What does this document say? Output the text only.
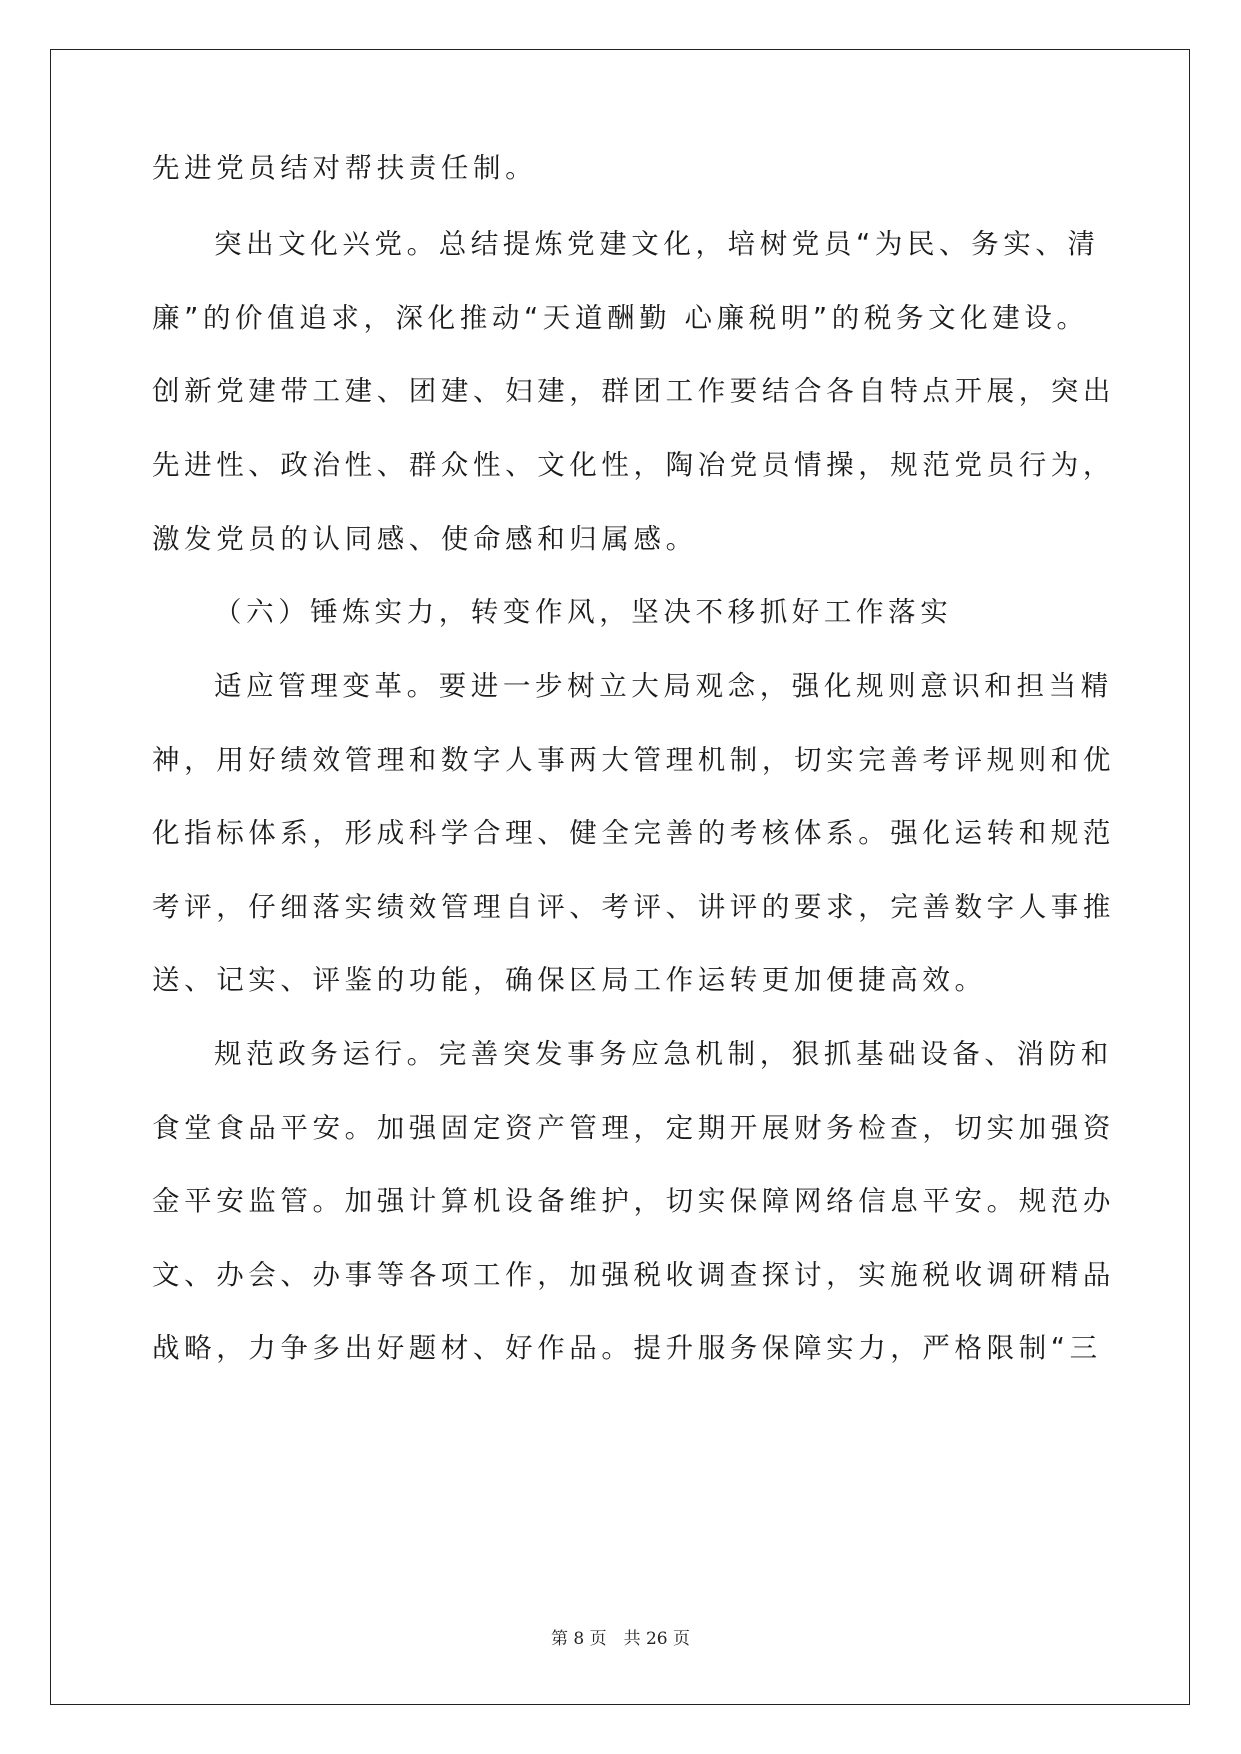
先进党员结对帮扶责任制。
突出文化兴党。总结提炼党建文化，培树党员“为民、务实、清
廉”的价值追求，深化推动“天道酬勤 心廉税明”的税务文化建设。
创新党建带工建、团建、妇建，群团工作要结合各自特点开展，突出
先进性、政治性、群众性、文化性，陶冶党员情操，规范党员行为，
激发党员的认同感、使命感和归属感。
（六）锤炼实力，转变作风，坚决不移抓好工作落实
适应管理变革。要进一步树立大局观念，强化规则意识和担当精
神，用好绩效管理和数字人事两大管理机制，切实完善考评规则和优
化指标体系，形成科学合理、健全完善的考核体系。强化运转和规范
考评，仔细落实绩效管理自评、考评、讲评的要求，完善数字人事推
送、记实、评鉴的功能，确保区局工作运转更加便捷高效。
规范政务运行。完善突发事务应急机制，狠抓基础设备、消防和
食堂食品平安。加强固定资产管理，定期开展财务检查，切实加强资
金平安监管。加强计算机设备维护，切实保障网络信息平安。规范办
文、办会、办事等各项工作，加强税收调查探讨，实施税收调研精品
战略，力争多出好题材、好作品。提升服务保障实力，严格限制“三
第 8 页　共 26 页
